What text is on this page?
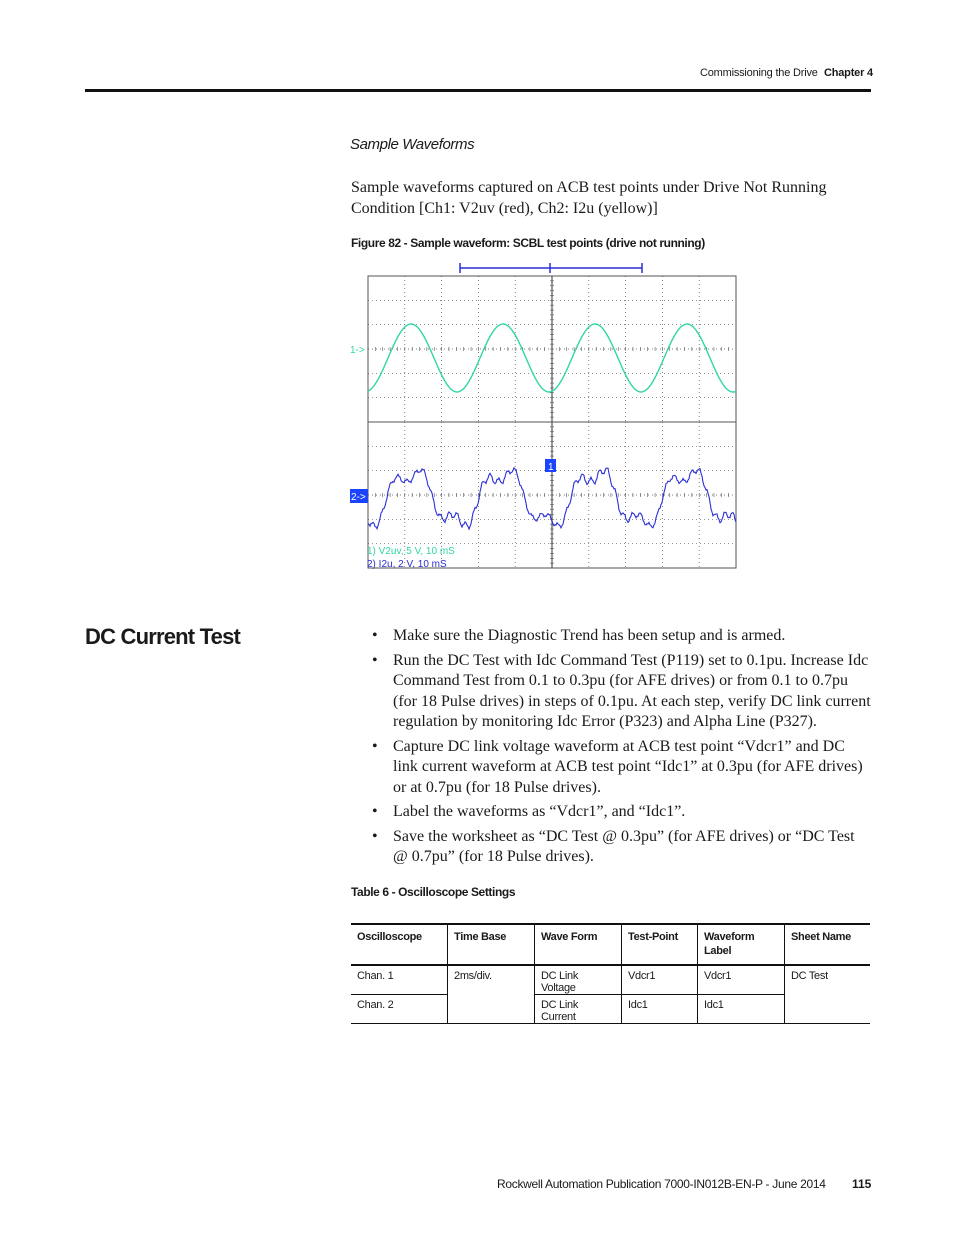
Commissioning the Drive Chapter 4
Sample Waveforms
Sample waveforms captured on ACB test points under Drive Not Running Condition [Ch1: V2uv (red), Ch2: I2u (yellow)]
Figure 82 - Sample waveform: SCBL test points (drive not running)
1->
2->
1
1) V2uv, 5 V, 10 mS
2) I2u, 2 V, 10 mS
DC Current Test	• Make sure the Diagnostic Trend has been setup and is armed.
• Run the DC Test with Idc Command Test (P119) set to 0.1pu. Increase Idc Command Test from 0.1 to 0.3pu (for AFE drives) or from 0.1 to 0.7pu (for 18 Pulse drives) in steps of 0.1pu. At each step, verify DC link current regulation by monitoring Idc Error (P323) and Alpha Line (P327).
• Capture DC link voltage waveform at ACB test point “Vdcr1” and DC link current waveform at ACB test point “Idc1” at 0.3pu (for AFE drives) or at 0.7pu (for 18 Pulse drives).
• Label the waveforms as “Vdcr1”, and “Idc1”.
• Save the worksheet as “DC Test @ 0.3pu” (for AFE drives) or “DC Test @ 0.7pu” (for 18 Pulse drives).
Table 6 - Oscilloscope Settings
Oscilloscope	Time Base	Wave Form	Test-Point	Waveform Label	Sheet Name
Chan. 1	2ms/div.	DC Link Voltage	Vdcr1	Vdcr1	DC Test
Chan. 2		DC Link Current	Idc1	Idc1	
Rockwell Automation Publication 7000-IN012B-EN-P - June 2014 115
